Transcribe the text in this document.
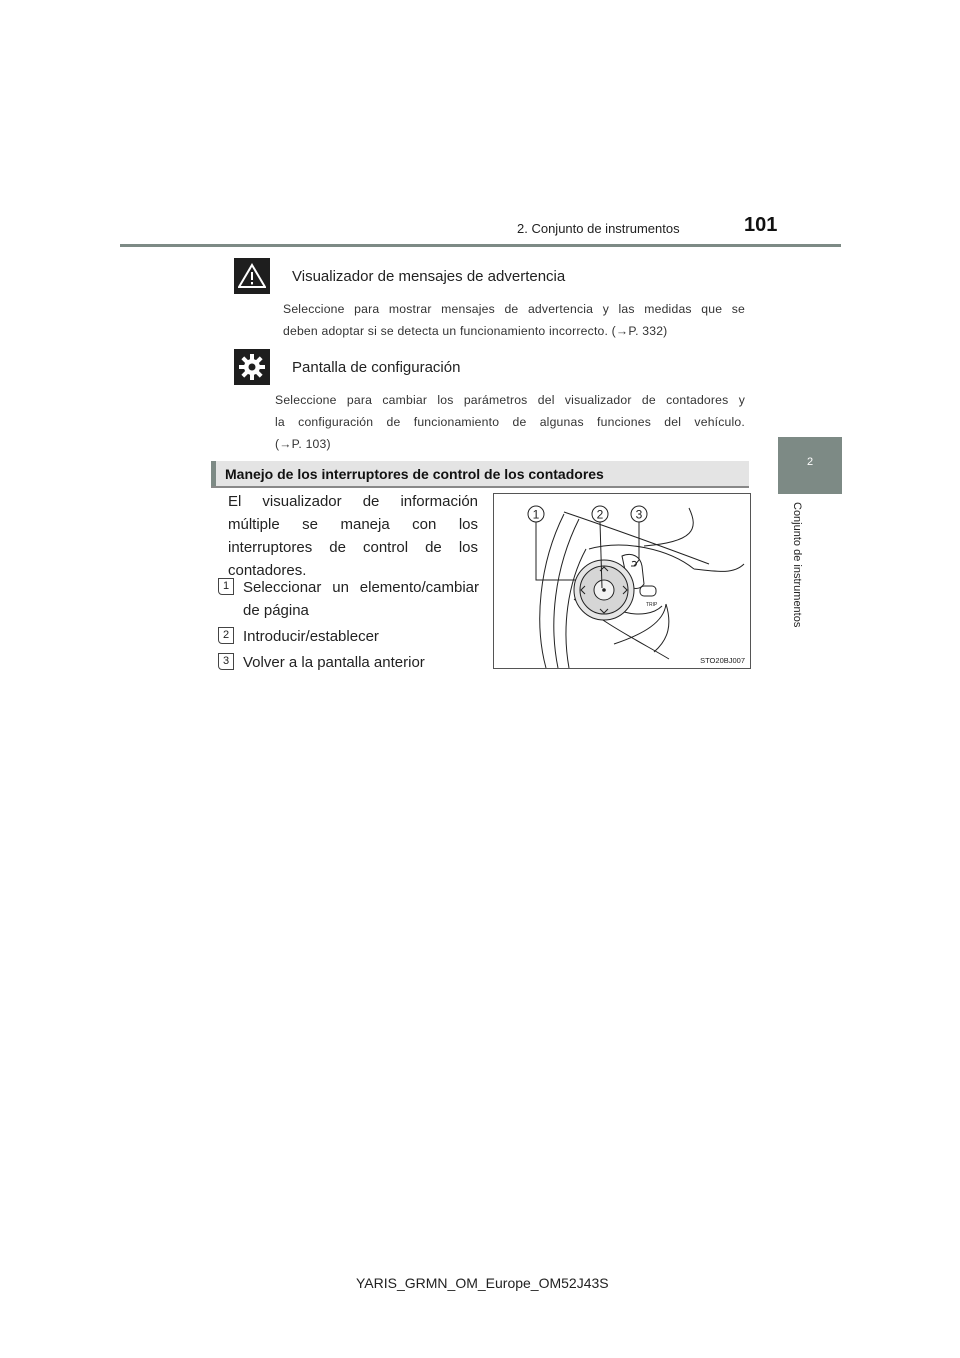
2. Conjunto de instrumentos	101
2
Conjunto de instrumentos
Visualizador de mensajes de advertencia
Seleccione para mostrar mensajes de advertencia y las medidas que se
deben adoptar si se detecta un funcionamiento incorrecto. (→P. 332)
Pantalla de configuración
Seleccione para cambiar los parámetros del visualizador de contadores y
la configuración de funcionamiento de algunas funciones del vehículo.
(→P. 103)
Manejo de los interruptores de control de los contadores
El visualizador de información múltiple se maneja con los interruptores de control de los contadores.
1 Seleccionar un elemento/cambiar de página
2 Introducir/establecer
3 Volver a la pantalla anterior
TRIP
1	2	3
STO20BJ007
YARIS_GRMN_OM_Europe_OM52J43S
